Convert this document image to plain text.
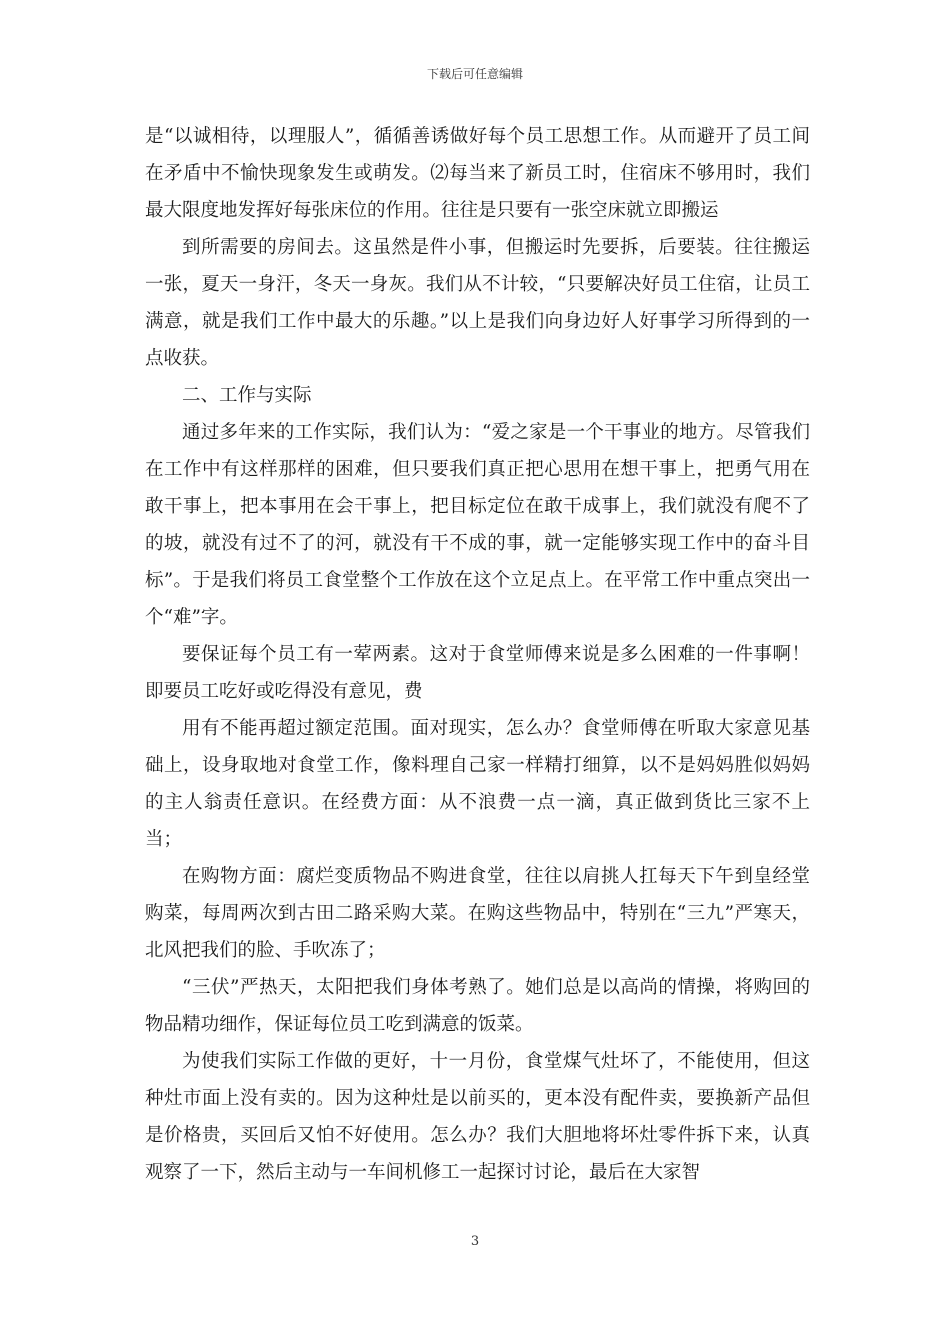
下载后可任意编辑

是“以诚相待，以理服人”，循循善诱做好每个员工思想工作。从而避开了员工间在矛盾中不愉快现象发生或萌发。⑵每当来了新员工时，住宿床不够用时，我们最大限度地发挥好每张床位的作用。往往是只要有一张空床就立即搬运

到所需要的房间去。这虽然是件小事，但搬运时先要拆，后要装。往往搬运一张，夏天一身汗，冬天一身灰。我们从不计较，“只要解决好员工住宿，让员工满意，就是我们工作中最大的乐趣。”以上是我们向身边好人好事学习所得到的一点收获。

二、工作与实际

通过多年来的工作实际，我们认为：“爱之家是一个干事业的地方。尽管我们在工作中有这样那样的困难，但只要我们真正把心思用在想干事上，把勇气用在敢干事上，把本事用在会干事上，把目标定位在敢干成事上，我们就没有爬不了的坡，就没有过不了的河，就没有干不成的事，就一定能够实现工作中的奋斗目标”。于是我们将员工食堂整个工作放在这个立足点上。在平常工作中重点突出一个“难”字。

要保证每个员工有一荤两素。这对于食堂师傅来说是多么困难的一件事啊！即要员工吃好或吃得没有意见，费

用有不能再超过额定范围。面对现实，怎么办？食堂师傅在听取大家意见基础上，设身取地对食堂工作，像料理自己家一样精打细算，以不是妈妈胜似妈妈的主人翁责任意识。在经费方面：从不浪费一点一滴，真正做到货比三家不上当；

在购物方面：腐烂变质物品不购进食堂，往往以肩挑人扛每天下午到皇经堂购菜，每周两次到古田二路采购大菜。在购这些物品中，特别在“三九”严寒天，北风把我们的脸、手吹冻了；

“三伏”严热天，太阳把我们身体考熟了。她们总是以高尚的情操，将购回的物品精功细作，保证每位员工吃到满意的饭菜。

为使我们实际工作做的更好，十一月份，食堂煤气灶坏了，不能使用，但这种灶市面上没有卖的。因为这种灶是以前买的，更本没有配件卖，要换新产品但是价格贵，买回后又怕不好使用。怎么办？我们大胆地将坏灶零件拆下来，认真观察了一下，然后主动与一车间机修工一起探讨讨论，最后在大家智

3
